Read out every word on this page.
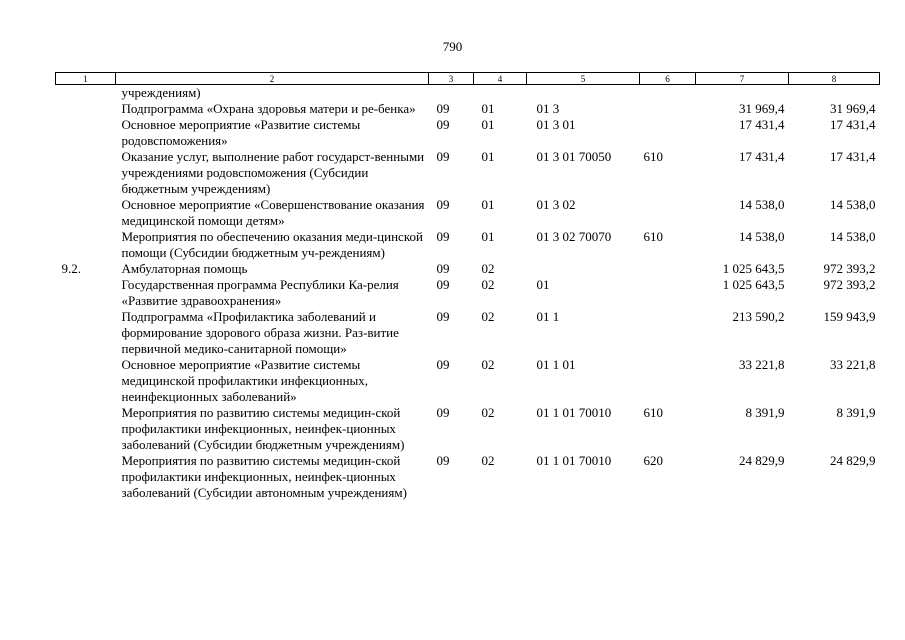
790
1	2	3	4	5	6	7	8
	учреждениям)						
	Подпрограмма «Охрана здоровья матери и ре-бенка»	09	01	01 3		31 969,4	31 969,4
	Основное мероприятие «Развитие системы родовспоможения»	09	01	01 3 01		17 431,4	17 431,4
	Оказание услуг, выполнение работ государст-венными учреждениями родовспоможения (Субсидии бюджетным учреждениям)	09	01	01 3 01 70050	610	17 431,4	17 431,4
	Основное мероприятие «Совершенствование оказания медицинской помощи детям»	09	01	01 3 02		14 538,0	14 538,0
	Мероприятия по обеспечению оказания меди-цинской помощи (Субсидии бюджетным уч-реждениям)	09	01	01 3 02 70070	610	14 538,0	14 538,0
9.2.	Амбулаторная помощь	09	02			1 025 643,5	972 393,2
	Государственная программа Республики Ка-релия «Развитие здравоохранения»	09	02	01		1 025 643,5	972 393,2
	Подпрограмма «Профилактика заболеваний и формирование здорового образа жизни. Раз-витие первичной медико-санитарной помощи»	09	02	01 1		213 590,2	159 943,9
	Основное мероприятие «Развитие системы медицинской профилактики инфекционных, неинфекционных заболеваний»	09	02	01 1 01		33 221,8	33 221,8
	Мероприятия по развитию системы медицин-ской профилактики инфекционных, неинфек-ционных заболеваний (Субсидии бюджетным учреждениям)	09	02	01 1 01 70010	610	8 391,9	8 391,9
	Мероприятия по развитию системы медицин-ской профилактики инфекционных, неинфек-ционных заболеваний (Субсидии автономным учреждениям)	09	02	01 1 01 70010	620	24 829,9	24 829,9
